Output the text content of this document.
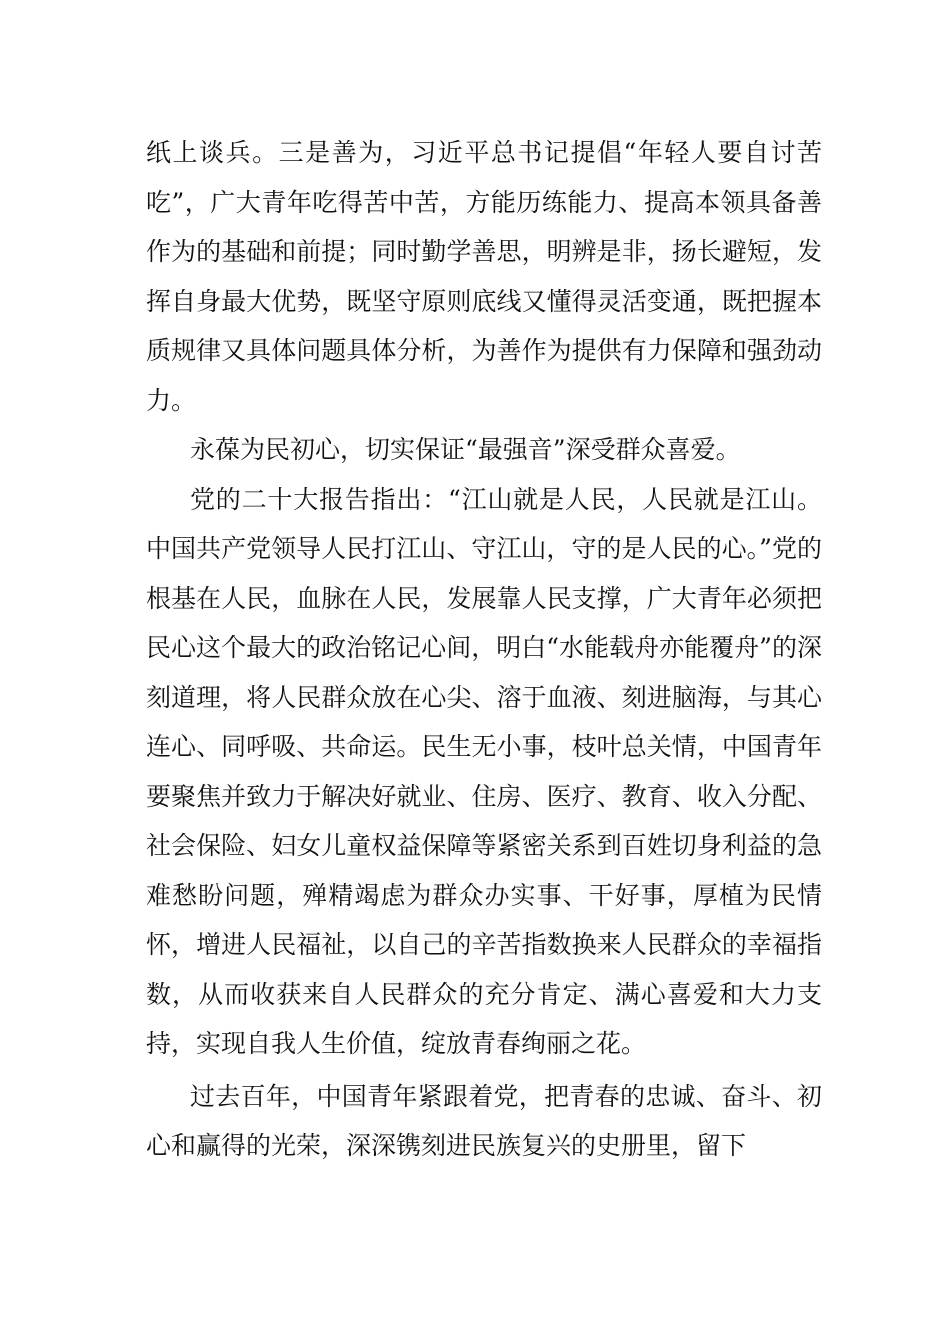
纸上谈兵。三是善为，习近平总书记提倡“年轻人要自讨苦吃”，广大青年吃得苦中苦，方能历练能力、提高本领具备善作为的基础和前提；同时勤学善思，明辨是非，扬长避短，发挥自身最大优势，既坚守原则底线又懂得灵活变通，既把握本质规律又具体问题具体分析，为善作为提供有力保障和强劲动力。

永葆为民初心，切实保证“最强音”深受群众喜爱。

党的二十大报告指出：“江山就是人民，人民就是江山。中国共产党领导人民打江山、守江山，守的是人民的心。”党的根基在人民，血脉在人民，发展靠人民支撑，广大青年必须把民心这个最大的政治铭记心间，明白“水能载舟亦能覆舟”的深刻道理，将人民群众放在心尖、溶于血液、刻进脑海，与其心连心、同呼吸、共命运。民生无小事，枝叶总关情，中国青年要聚焦并致力于解决好就业、住房、医疗、教育、收入分配、社会保险、妇女儿童权益保障等紧密关系到百姓切身利益的急难愁盼问题，殚精竭虑为群众办实事、干好事，厚植为民情怀，增进人民福祉，以自己的辛苦指数换来人民群众的幸福指数，从而收获来自人民群众的充分肯定、满心喜爱和大力支持，实现自我人生价值，绽放青春绚丽之花。

过去百年，中国青年紧跟着党，把青春的忠诚、奋斗、初心和赢得的光荣，深深镌刻进民族复兴的史册里，留下
